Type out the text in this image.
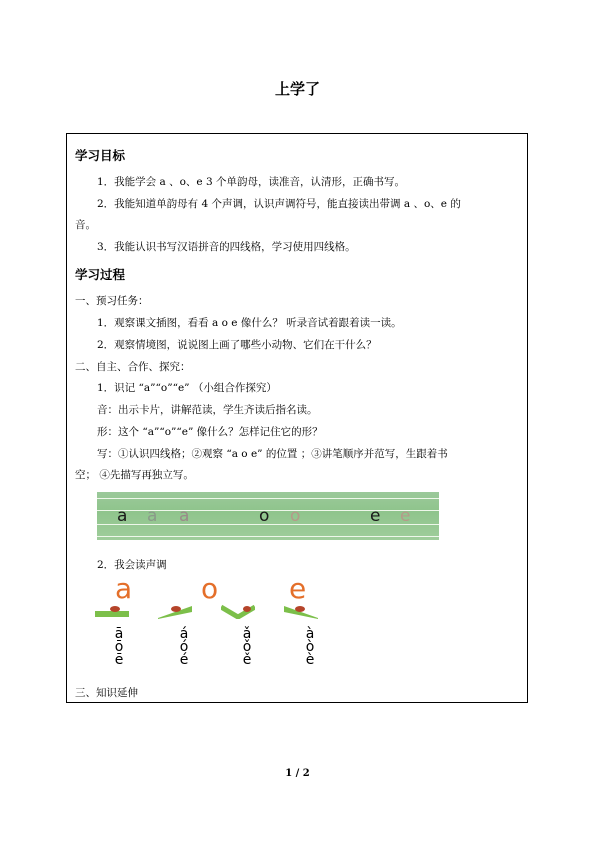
上学了
学习目标
1．我能学会 a 、o、e 3 个单韵母，读准音，认清形，正确书写。
2．我能知道单韵母有 4 个声调，认识声调符号，能直接读出带调 a 、o、e 的
音。
3．我能认识书写汉语拼音的四线格，学习使用四线格。
学习过程
一、预习任务：
1．观察课文插图，看看 a o e 像什么？ 听录音试着跟着读一读。
2．观察情境图，说说图上画了哪些小动物、它们在干什么？
二、自主、合作、探究：
1．识记 “a”“o”“e” （小组合作探究）
音：出示卡片，讲解范读，学生齐读后指名读。
形：这个 “a”“o”“e” 像什么？怎样记住它的形？
写：①认识四线格；②观察 “a o e” 的位置 ；③讲笔顺序并范写，生跟着书
空； ④先描写再独立写。
a a a	o o	e e
2．我会读声调
a o	e
ā
ō
ē
á
ó
é
ǎ
ǒ
ě
à
ò
è
三、知识延伸
1 / 2
